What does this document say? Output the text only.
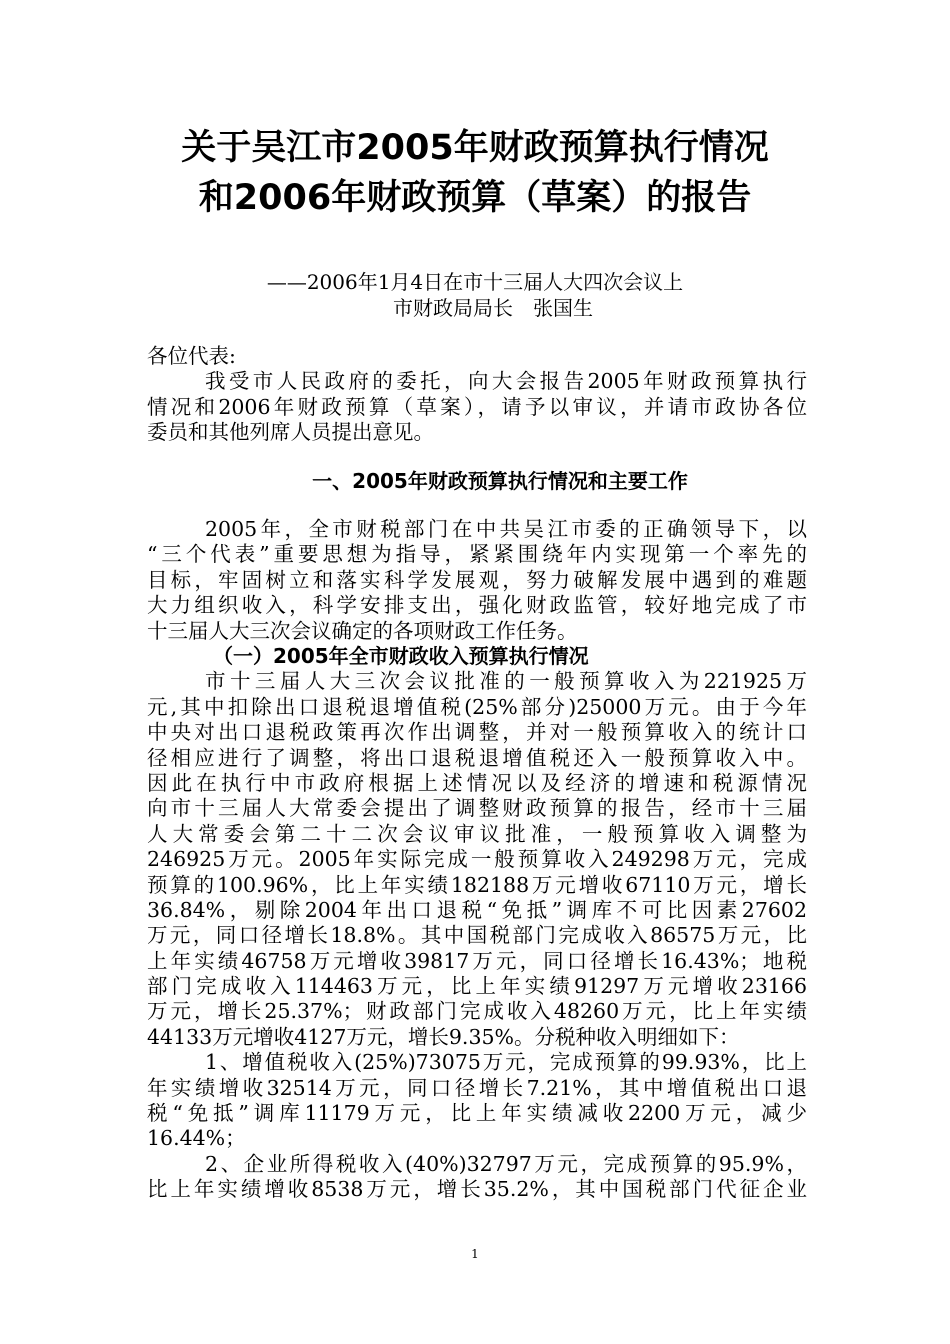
关于吴江市2005年财政预算执行情况
和2006年财政预算（草案）的报告
——2006年1月4日在市十三届人大四次会议上
市财政局局长　张国生
各位代表:
我受市人民政府的委托，向大会报告2005年财政预算执行
情况和2006年财政预算（草案），请予以审议，并请市政协各位
委员和其他列席人员提出意见。
一、2005年财政预算执行情况和主要工作
2005年，全市财税部门在中共吴江市委的正确领导下，以
“三个代表”重要思想为指导，紧紧围绕年内实现第一个率先的
目标，牢固树立和落实科学发展观，努力破解发展中遇到的难题
大力组织收入，科学安排支出，强化财政监管，较好地完成了市
十三届人大三次会议确定的各项财政工作任务。
（一）2005年全市财政收入预算执行情况
市十三届人大三次会议批准的一般预算收入为221925万
元,其中扣除出口退税退增值税(25%部分)25000万元。由于今年
中央对出口退税政策再次作出调整，并对一般预算收入的统计口
径相应进行了调整，将出口退税退增值税还入一般预算收入中。
因此在执行中市政府根据上述情况以及经济的增速和税源情况
向市十三届人大常委会提出了调整财政预算的报告，经市十三届
人大常委会第二十二次会议审议批准，一般预算收入调整为
246925万元。2005年实际完成一般预算收入249298万元，完成
预算的100.96%，比上年实绩182188万元增收67110万元，增长
36.84%，剔除2004年出口退税“免抵”调库不可比因素27602
万元，同口径增长18.8%。其中国税部门完成收入86575万元，比
上年实绩46758万元增收39817万元，同口径增长16.43%；地税
部门完成收入114463万元，比上年实绩91297万元增收23166
万元，增长25.37%；财政部门完成收入48260万元，比上年实绩
44133万元增收4127万元，增长9.35%。分税种收入明细如下：
1、增值税收入(25%)73075万元，完成预算的99.93%，比上
年实绩增收32514万元，同口径增长7.21%，其中增值税出口退
税“免抵”调库11179万元，比上年实绩减收2200万元，减少
16.44%；
2、企业所得税收入(40%)32797万元，完成预算的95.9%，
比上年实绩增收8538万元，增长35.2%，其中国税部门代征企业
1
